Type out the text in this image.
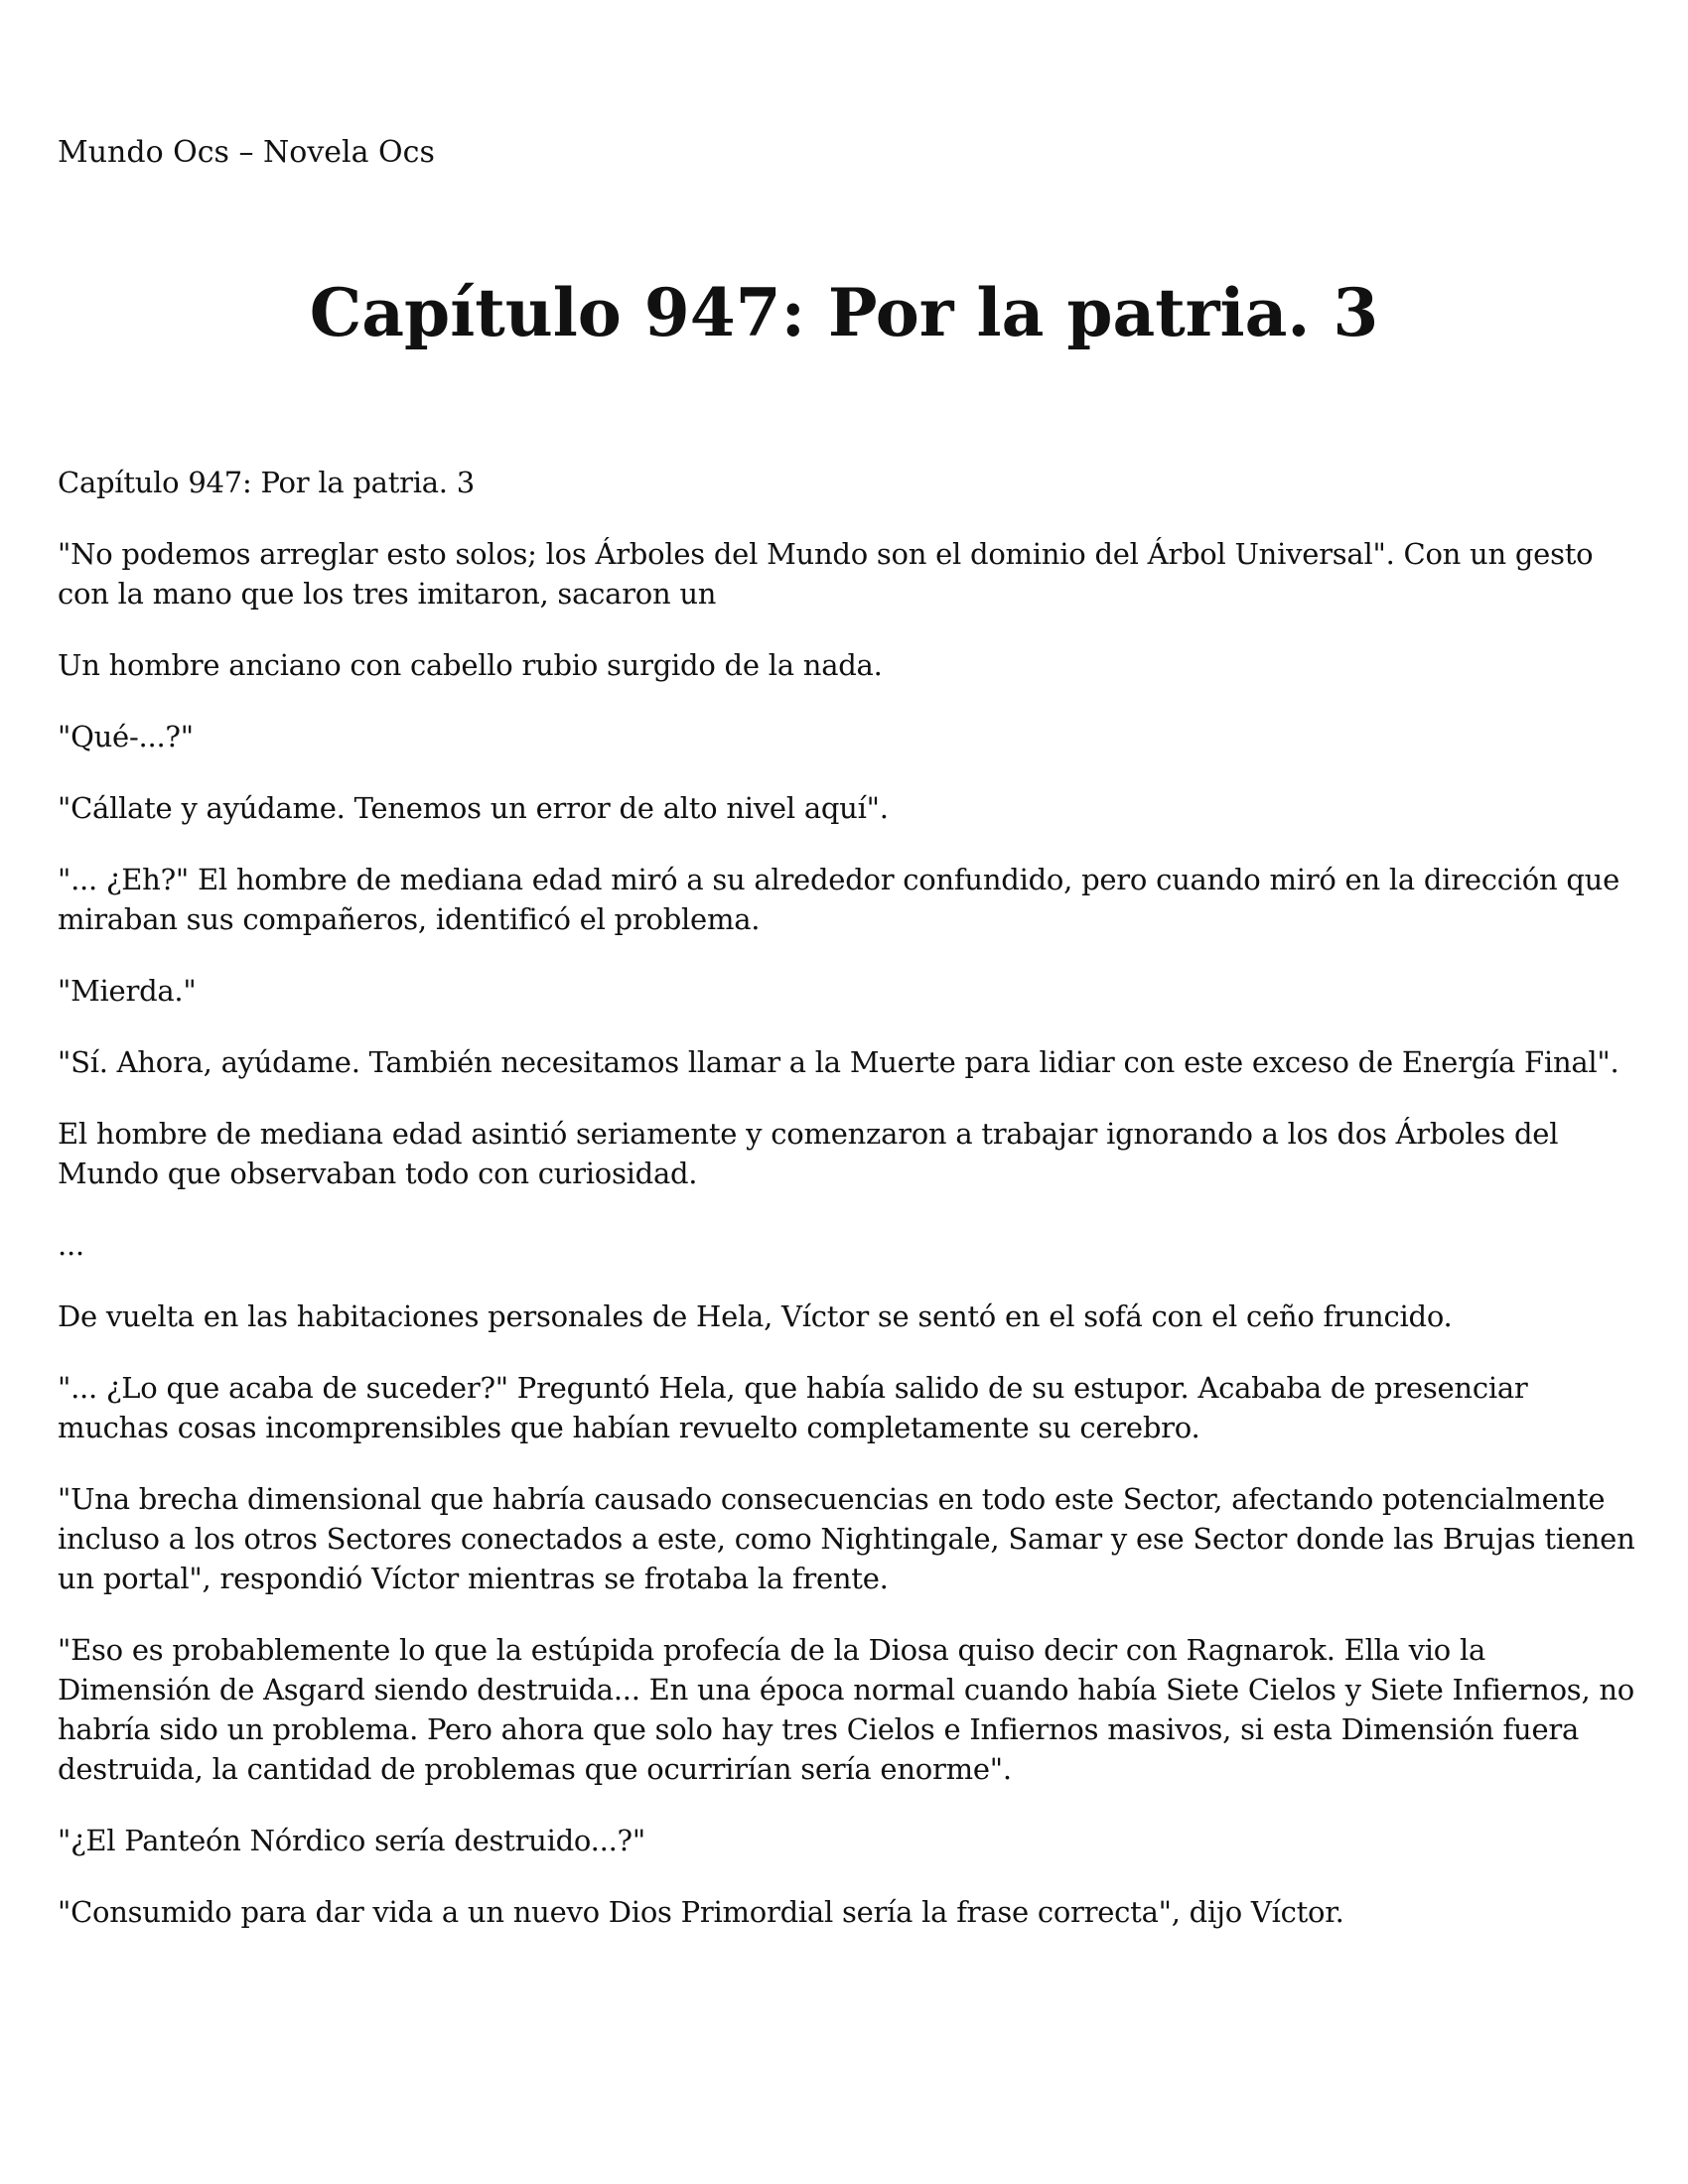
Mundo Ocs – Novela Ocs
Capítulo 947: Por la patria. 3

Capítulo 947: Por la patria. 3

"No podemos arreglar esto solos; los Árboles del Mundo son el dominio del Árbol Universal". Con un gesto con la mano que los tres imitaron, sacaron un

Un hombre anciano con cabello rubio surgido de la nada.

"Qué-...?"

"Cállate y ayúdame. Tenemos un error de alto nivel aquí".

"... ¿Eh?" El hombre de mediana edad miró a su alrededor confundido, pero cuando miró en la dirección que miraban sus compañeros, identificó el problema.

"Mierda."

"Sí. Ahora, ayúdame. También necesitamos llamar a la Muerte para lidiar con este exceso de Energía Final".

El hombre de mediana edad asintió seriamente y comenzaron a trabajar ignorando a los dos Árboles del Mundo que observaban todo con curiosidad.

...

De vuelta en las habitaciones personales de Hela, Víctor se sentó en el sofá con el ceño fruncido.

"... ¿Lo que acaba de suceder?" Preguntó Hela, que había salido de su estupor. Acababa de presenciar muchas cosas incomprensibles que habían revuelto completamente su cerebro.

"Una brecha dimensional que habría causado consecuencias en todo este Sector, afectando potencialmente incluso a los otros Sectores conectados a este, como Nightingale, Samar y ese Sector donde las Brujas tienen un portal", respondió Víctor mientras se frotaba la frente.

"Eso es probablemente lo que la estúpida profecía de la Diosa quiso decir con Ragnarok. Ella vio la Dimensión de Asgard siendo destruida... En una época normal cuando había Siete Cielos y Siete Infiernos, no habría sido un problema. Pero ahora que solo hay tres Cielos e Infiernos masivos, si esta Dimensión fuera destruida, la cantidad de problemas que ocurrirían sería enorme".

"¿El Panteón Nórdico sería destruido...?"

"Consumido para dar vida a un nuevo Dios Primordial sería la frase correcta", dijo Víctor.
